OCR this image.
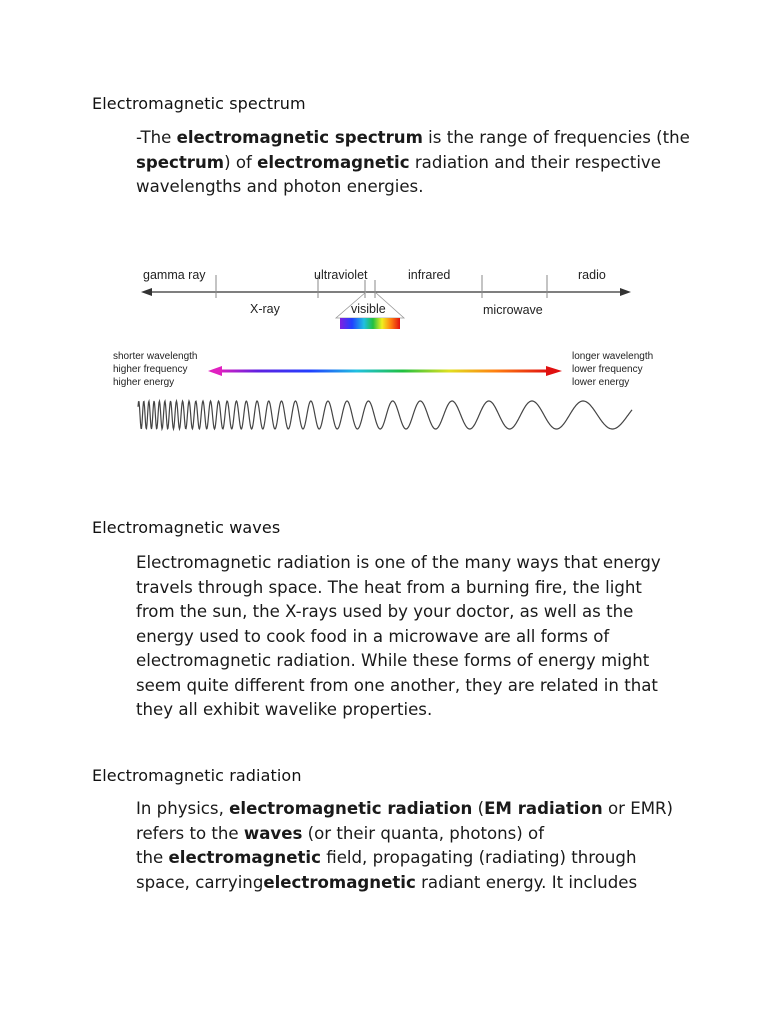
Electromagnetic spectrum
-The electromagnetic spectrum is the range of frequencies (the
spectrum) of electromagnetic radiation and their respective
wavelengths and photon energies.
gamma ray	ultraviolet	infrared	radio
X-ray	microwave
visible
shorter wavelength
higher frequency
higher energy
longer wavelength
lower frequency
lower energy
Electromagnetic waves
Electromagnetic radiation is one of the many ways that energy
travels through space. The heat from a burning fire, the light
from the sun, the X-rays used by your doctor, as well as the
energy used to cook food in a microwave are all forms of
electromagnetic radiation. While these forms of energy might
seem quite different from one another, they are related in that
they all exhibit wavelike properties.
Electromagnetic radiation
In physics, electromagnetic radiation (EM radiation or EMR)
refers to the waves (or their quanta, photons) of
the electromagnetic field, propagating (radiating) through
space, carryingelectromagnetic radiant energy. It includes
